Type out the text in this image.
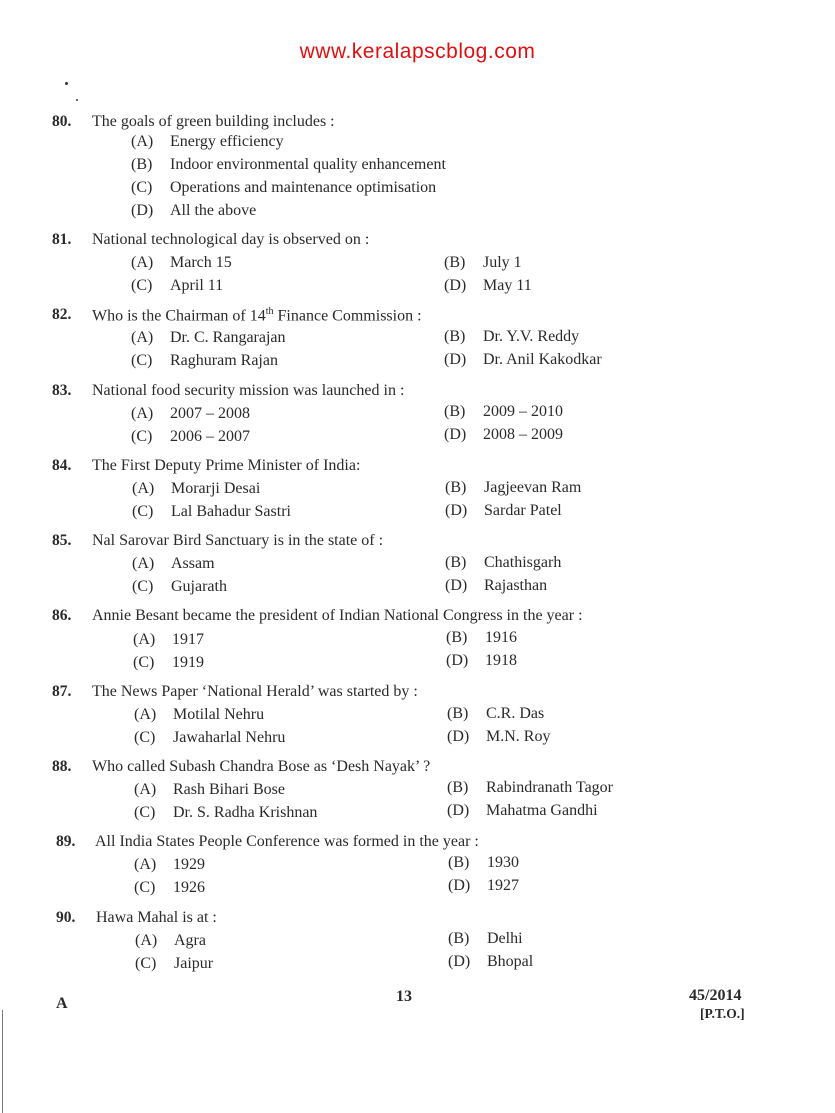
www.keralapscblog.com
80. The goals of green building includes :
(A) Energy efficiency
(B) Indoor environmental quality enhancement
(C) Operations and maintenance optimisation
(D) All the above
81. National technological day is observed on :
(A) March 15	(B) July 1
(C) April 11	(D) May 11
82. Who is the Chairman of 14th Finance Commission :
(A) Dr. C. Rangarajan	(B) Dr. Y.V. Reddy
(C) Raghuram Rajan	(D) Dr. Anil Kakodkar
83. National food security mission was launched in :
(A) 2007 – 2008	(B) 2009 – 2010
(C) 2006 – 2007	(D) 2008 – 2009
84. The First Deputy Prime Minister of India:
(A) Morarji Desai	(B) Jagjeevan Ram
(C) Lal Bahadur Sastri	(D) Sardar Patel
85. Nal Sarovar Bird Sanctuary is in the state of :
(A) Assam	(B) Chathisgarh
(C) Gujarath	(D) Rajasthan
86. Annie Besant became the president of Indian National Congress in the year :
(A) 1917	(B) 1916
(C) 1919	(D) 1918
87. The News Paper ‘National Herald’ was started by :
(A) Motilal Nehru	(B) C.R. Das
(C) Jawaharlal Nehru	(D) M.N. Roy
88. Who called Subash Chandra Bose as ‘Desh Nayak’ ?
(A) Rash Bihari Bose	(B) Rabindranath Tagor
(C) Dr. S. Radha Krishnan	(D) Mahatma Gandhi
89. All India States People Conference was formed in the year :
(A) 1929	(B) 1930
(C) 1926	(D) 1927
90. Hawa Mahal is at :
(A) Agra	(B) Delhi
(C) Jaipur	(D) Bhopal
A	13	45/2014
[P.T.O.]
